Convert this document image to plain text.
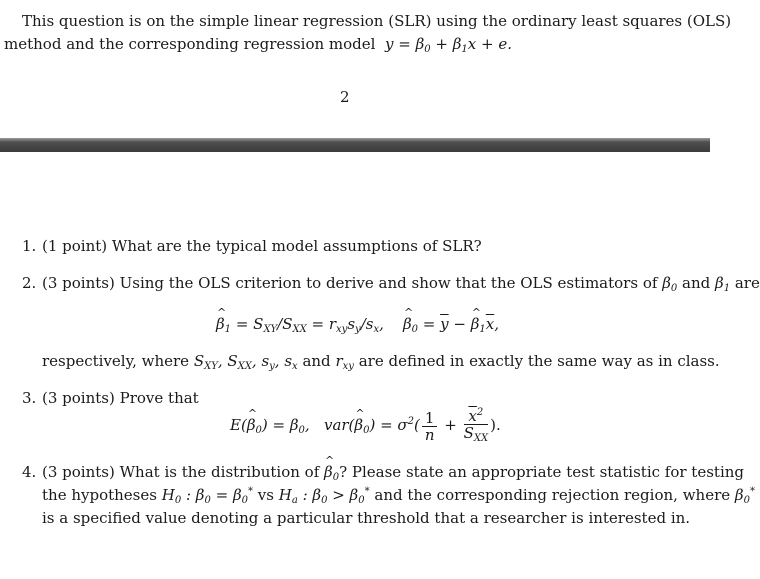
This question is on the simple linear regression (SLR) using the ordinary least squares (OLS)
method and the corresponding regression model  $y = \beta_0 + \beta_1x + e$.
2
1. (1 point) What are the typical model assumptions of SLR?
2. (3 points) Using the OLS criterion to derive and show that the OLS estimators of $\beta_0$ and $\beta_1$ are
^ $\beta_1 = S_{XY}/S_{XX} = r_{xy}s_y/s_x$, ^ $\beta_0 = \overline{y}$ − ^ $\beta_1\overline{x}$,
respectively, where $S_{XY}$, $S_{XX}$, $s_y$, $s_x$ and $r_{xy}$ are defined in exactly the same way as in class.
3. (3 points) Prove that
E(^ $\beta_0) = \beta_0$, var(^ $\beta_0) = \sigma^2( \frac{1}{n} + \frac{\overline{x}^2}{S_{XX}}$ ).
4. (3 points) What is the distribution of ^ $\beta_0$? Please state an appropriate test statistic for testing
the hypotheses $H_0$ : $\beta_0 = \beta_0^*$ vs $H_a$ : $\beta_0 > \beta_0^*$ and the corresponding rejection region, where $\beta_0^*$
is a specified value denoting a particular threshold that a researcher is interested in.
